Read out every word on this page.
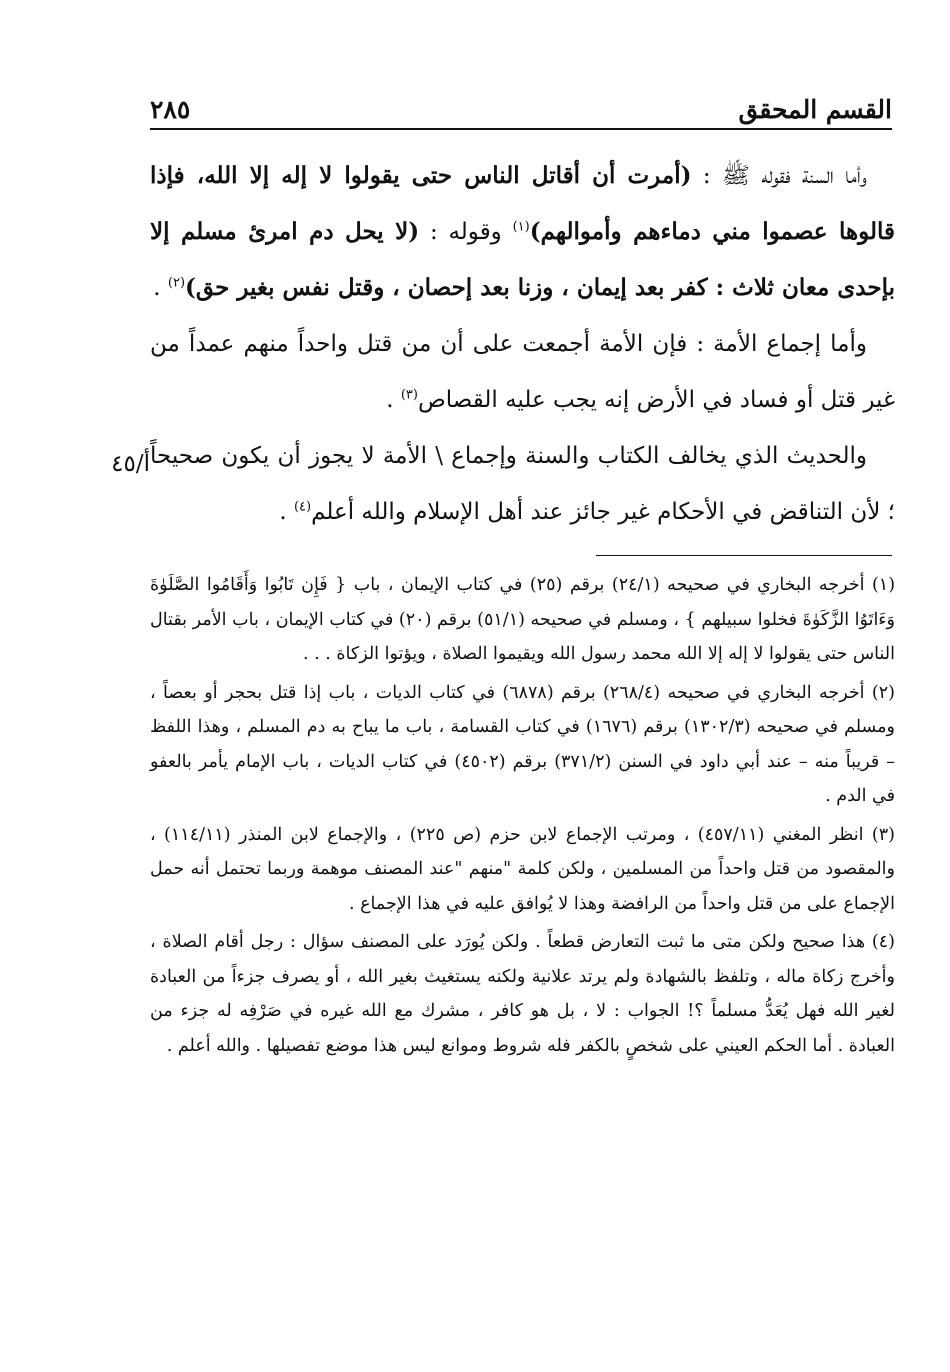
القسم المحقق
٢٨٥
أ/٤٥

وأما السنة فقوله ﷺ : (أمرت أن أقاتل الناس حتى يقولوا لا إله إلا الله، فإذا قالوها عصموا مني دماءهم وأموالهم)$^{(١)}$ وقوله : (لا يحل دم امرئ مسلم إلا بإحدى معان ثلاث : كفر بعد إيمان ، وزنا بعد إحصان ، وقتل نفس بغير حق)$^{(٢)}$ .

وأما إجماع الأمة : فإن الأمة أجمعت على أن من قتل واحداً منهم عمداً من غير قتل أو فساد في الأرض إنه يجب عليه القصاص$^{(٣)}$ .

والحديث الذي يخالف الكتاب والسنة وإجماع \ الأمة لا يجوز أن يكون صحيحاً ؛ لأن التناقض في الأحكام غير جائز عند أهل الإسلام والله أعلم$^{(٤)}$ .

(١) أخرجه البخاري في صحيحه (٢٤/١) برقم (٢٥) في كتاب الإيمان ، باب { فَإِن تَابُوا وَأَقَامُوا الصَّلَوٰةَ وَءَاتَوُا الزَّكَوٰةَ فخلوا سبيلهم } ، ومسلم في صحيحه (٥١/١) برقم (٢٠) في كتاب الإيمان ، باب الأمر بقتال الناس حتى يقولوا لا إله إلا الله محمد رسول الله ويقيموا الصلاة ، ويؤتوا الزكاة . . .

(٢) أخرجه البخاري في صحيحه (٢٦٨/٤) برقم (٦٨٧٨) في كتاب الديات ، باب إذا قتل بحجر أو بعصاً ، ومسلم في صحيحه (١٣٠٢/٣) برقم (١٦٧٦) في كتاب القسامة ، باب ما يباح به دم المسلم ، وهذا اللفظ – قريباً منه – عند أبي داود في السنن (٣٧١/٢) برقم (٤٥٠٢) في كتاب الديات ، باب الإمام يأمر بالعفو في الدم .

(٣) انظر المغني (٤٥٧/١١) ، ومرتب الإجماع لابن حزم (ص ٢٢٥) ، والإجماع لابن المنذر (١١٤/١١) ، والمقصود من قتل واحداً من المسلمين ، ولكن كلمة "منهم "عند المصنف موهمة وربما تحتمل أنه حمل الإجماع على من قتل واحداً من الرافضة وهذا لا يُوافق عليه في هذا الإجماع .

(٤) هذا صحيح ولكن متى ما ثبت التعارض قطعاً . ولكن يُورَد على المصنف سؤال : رجل أقام الصلاة ، وأخرج زكاة ماله ، وتلفظ بالشهادة ولم يرتد علانية ولكنه يستغيث بغير الله ، أو يصرف جزءاً من العبادة لغير الله فهل يُعَدُّ مسلماً ؟! الجواب : لا ، بل هو كافر ، مشرك مع الله غيره في صَرْفِه له جزء من العبادة . أما الحكم العيني على شخصٍ بالكفر فله شروط وموانع ليس هذا موضع تفصيلها . والله أعلم .
